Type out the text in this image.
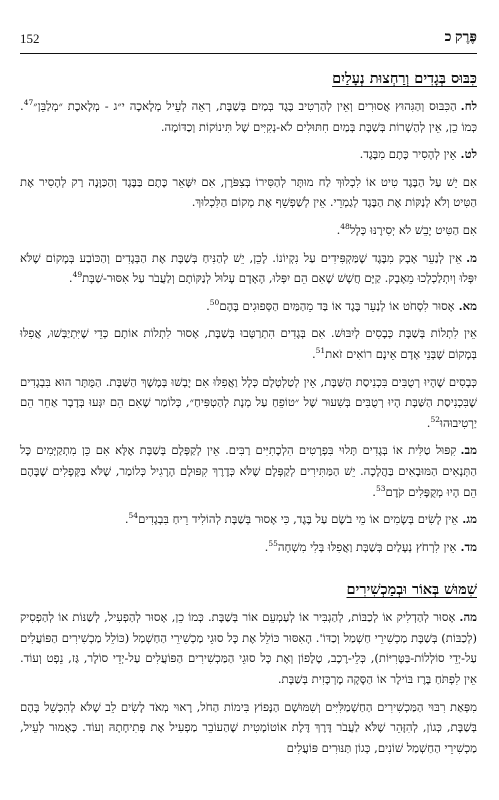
152	פֶּרֶק כ
כִּבּוּס בְּגָדִים וְרַחְצוּת נְעָלַיִם

לח.הַכִּבּוּס וְהַגִּהוּץ אֲסוּרִים וְאֵין לְהַרְטִיב בֶּגֶד בְּמַיִם בְּשַׁבָּת, רְאֵה לְעֵיל מְלָאכָה י״ג - מְלָאכֶת ״מְלַבֵּן״$^{47}$. כְּמוֹ כֵן, אֵין לְהַשְׁרוֹת בְּשַׁבָּת בְּמַיִם חִתּוּלִים לֹא-נְקִיִּים שֶׁל תִּינוֹקוֹת וְכַדּוֹמֶה.

לט.אֵין לְהָסִיר כֶּתֶם מִבֶּגֶד.

אִם יֵשׁ עַל הַבֶּגֶד טִיט אוֹ לִכְלוּךְ לַח מוּתָּר לְהַסִּירוֹ בְּצִפֹּרֶן, אִם יִשָּׁאֵר כֶּתֶם בַּבֶּגֶד וְהַכַּוָּנָה רַק לְהָסִיר אֶת הַטִּיט וְלֹא לְנַקּוֹת אֶת הַבֶּגֶד לְגַמְרֵי. אֵין לְשַׁפְשֵׁף אֶת מְקוֹם הַלִּכְלוּךְ.

אִם הַטִּיט יָבֵשׁ לֹא יְסִירֶנּוּ כְּלָל$^{48}$.

מ.אֵין לְנַעֵר אָבָק מִבֶּגֶד שֶׁמַּקְפִּידִים עַל נִקְיוֹנוֹ. לָכֵן, יֵשׁ לְהַנִּיחַ בְּשַׁבָּת אֶת הַבְּגָדִים וְהַכּוֹבַע בְּמָקוֹם שֶׁלֹּא יִפְּלוּ וְיִתְלַכְלְכוּ מֵאָבָק. קַיָּם חֲשָׁשׁ שֶׁאִם הֵם יִפְּלוּ, הָאָדָם עָלוּל לְנַקּוֹתָם וְלַעֲבֹר עַל אִסּוּר-שַׁבָּת$^{49}$.

מא.אָסוּר לִסְחֹט אוֹ לְנַעֵר בֶּגֶד אוֹ בַּד מֵהַמַּיִם הַסְּפוּגִים בָּהֶם$^{50}$.

אֵין לִתְלוֹת בְּשַׁבָּת כְּבָסִים לְיִבּוּשׁ. אִם בְּגָדִים הִתְרַטְּבוּ בְּשַׁבָּת, אָסוּר לִתְלוֹת אוֹתָם כְּדֵי שֶׁיִּתְיַבְּשׁוּ, אֲפִלּוּ בְּמָקוֹם שֶׁבְּנֵי אָדָם אֵינָם רוֹאִים זֹאת$^{51}$.

כְּבָסִים שֶׁהָיוּ רְטֻבִּים בִּכְנִיסַת הַשַּׁבָּת, אֵין לְטַלְטְלָם כְּלָל וַאֲפִלּוּ אִם יָבְשׁוּ בְּמֶשֶׁךְ הַשַּׁבָּת. הַמֻּתָּר הוּא בִּבְגָדִים שֶׁבִּכְנִיסַת הַשַּׁבָּת הָיוּ רְטֻבִּים בְּשִׁעוּר שֶׁל ״טוֹפֵחַ עַל מְנָת לְהַטְפִּיחַ״, כְּלוֹמַר שֶׁאִם הֵם יִגְּעוּ בְּדָבָר אַחֵר הֵם יַרְטִיבוּהוּ$^{52}$.

מב.קִפּוּל טַלִּית אוֹ בְּגָדִים תָּלוּי בִּפְרָטִים הִלְכָתִיִּים רַבִּים. אֵין לְקַפְּלָם בְּשַׁבָּת אֶלָּא אִם כֵּן מִתְקַיְּמִים כָּל הַתְּנָאִים הַמּוּבָאִים בַּהֲלָכָה. יֵשׁ הַמַּתִּירִים לְקַפְּלָם שֶׁלֹּא כְּדֶרֶךְ קִפּוּלָם הָרָגִיל כְּלוֹמַר, שֶׁלֹּא בַּקְּפָלִים שֶׁבָּהֶם הֵם הָיוּ מְקֻפָּלִים קֹדֶם$^{53}$.

מג.אֵין לָשִׂים בְּשָׂמִים אוֹ מֵי בֹשֶׂם עַל בֶּגֶד, כִּי אָסוּר בְּשַׁבָּת לְהוֹלִיד רֵיחַ בִּבְגָדִים$^{54}$.

מד.אֵין לִרְחֹץ נְעָלַיִם בְּשַׁבָּת וַאֲפִלּוּ בְּלִי מִשְׁחָה$^{55}$.

שִׁמּוּשׁ בְּאוֹר וּבְמַכְשִׁירִים

מה.אָסוּר לְהַדְלִיק אוֹ לְכַבּוֹת, לְהַגְבִּיר אוֹ לְעַמְעֵם אוֹר בְּשַׁבָּת. כְּמוֹ כֵן, אָסוּר לְהַפְעִיל, לְשַׁנּוֹת אוֹ לְהַפְסִיק (לְכַבּוֹת) בְּשַׁבָּת מַכְשִׁירֵי חַשְׁמַל וְכַדּוֹ'. הָאִסּוּר כּוֹלֵל אֶת כָּל סוּגֵי מַכְשִׁירֵי הַחַשְׁמַל (כּוֹלֵל מַכְשִׁירִים הַפּוֹעֲלִים עַל-יְדֵי סוֹלְלוֹת-בַּטָּרִיּוֹת), כְּלֵי-רֶכֶב, טֶלֶפוֹן וְאֶת כָּל סוּגֵי הַמַּכְשִׁירִים הַפּוֹעֲלִים עַל-יְדֵי סוֹלָר, גַּז, נֵפְט וְעוֹד. אֵין לִפְתֹּחַ בֶּרֶז בּוֹילֶר אוֹ הַסָּקָה מֶרְכָּזִית בְּשַׁבָּת.

מִפְּאַת רִבּוּי הַמַּכְשִׁירִים הַחַשְׁמַלִּיִּים וְשִׁמּוּשָׁם הַנָּפוֹץ בִּימוֹת הַחֹל, רָאוּי מְאֹד לָשִׂים לֵב שֶׁלֹּא לְהִכָּשֵׁל בָּהֶם בְּשַׁבָּת, כְּגוֹן, לְהִזָּהֵר שֶׁלֹּא לַעֲבֹר דֶּרֶךְ דֶּלֶת אוֹטוֹמָטִית שֶׁהַעוֹבֵר מַפְעִיל אֶת פְּתִיחָתָהּ וְעוֹד. כָּאָמוּר לְעֵיל, מַכְשִׁירֵי הַחַשְׁמַל שׁוֹנִים, כְּגוֹן תַּנּוּרִים פּוֹעֲלִים
